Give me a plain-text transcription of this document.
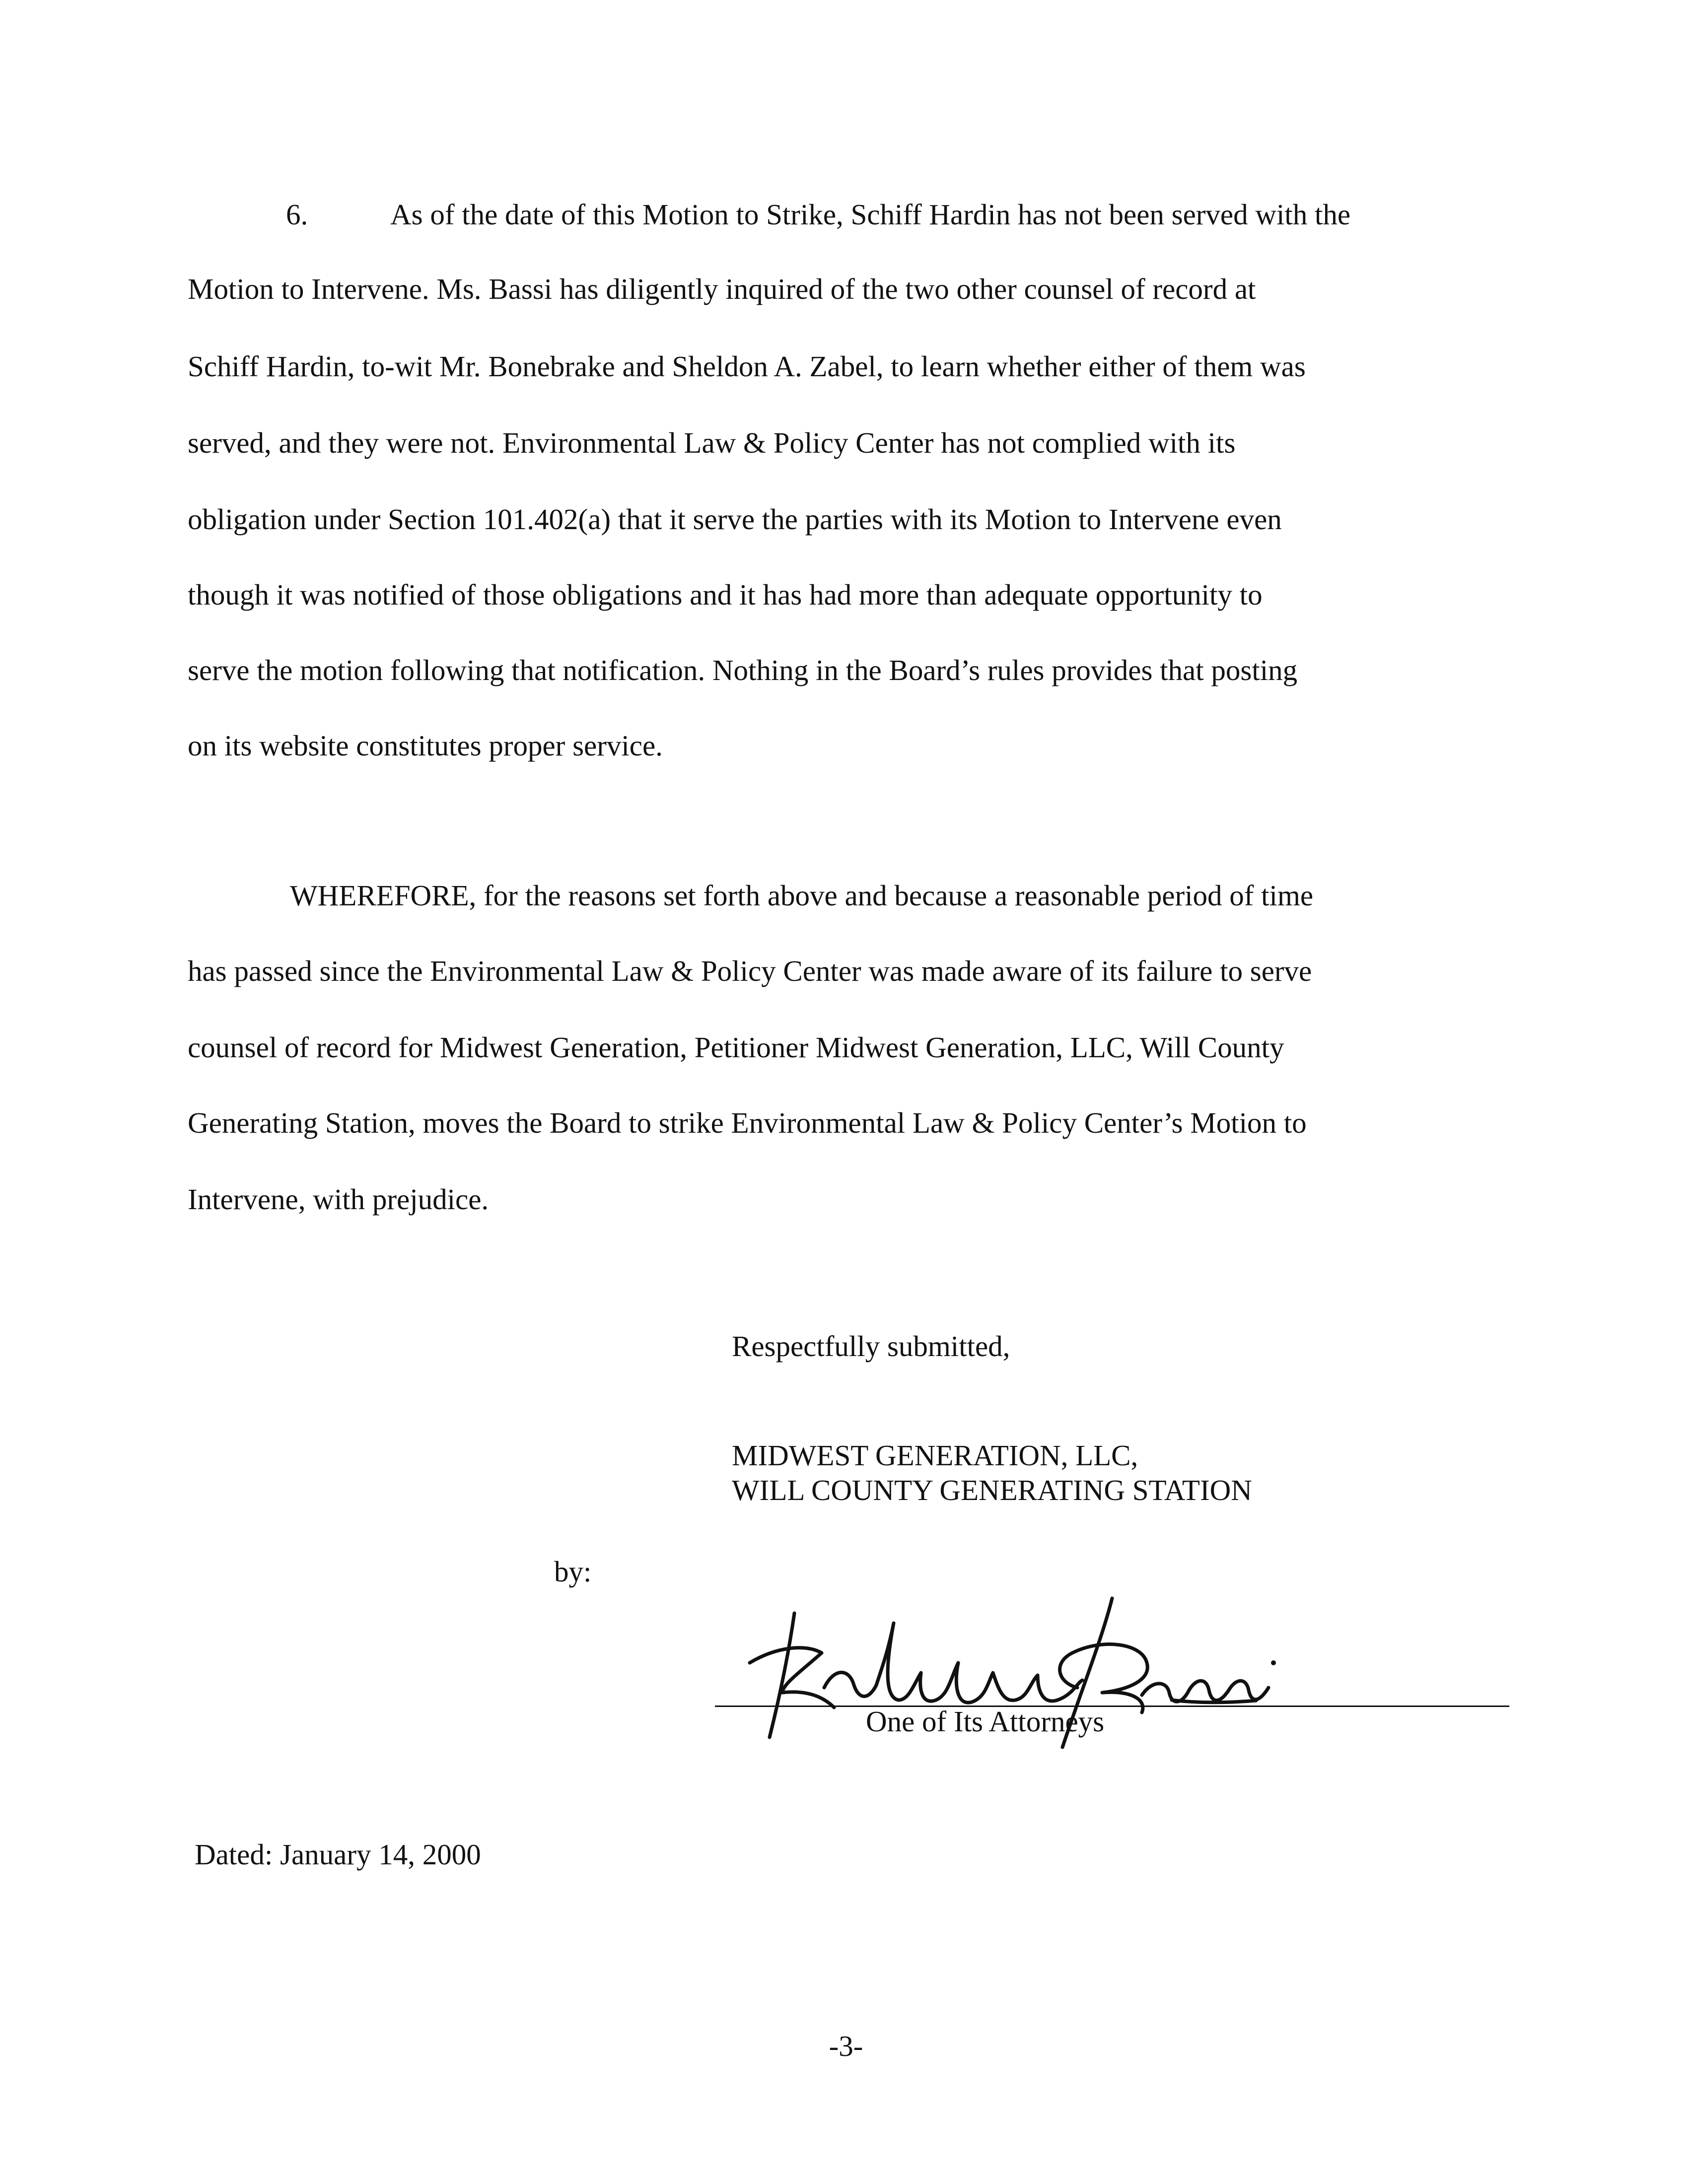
6.	As of the date of this Motion to Strike, Schiff Hardin has not been served with the
Motion to Intervene. Ms. Bassi has diligently inquired of the two other counsel of record at
Schiff Hardin, to-wit Mr. Bonebrake and Sheldon A. Zabel, to learn whether either of them was
served, and they were not. Environmental Law & Policy Center has not complied with its
obligation under Section 101.402(a) that it serve the parties with its Motion to Intervene even
though it was notified of those obligations and it has had more than adequate opportunity to
serve the motion following that notification. Nothing in the Board’s rules provides that posting
on its website constitutes proper service.
WHEREFORE, for the reasons set forth above and because a reasonable period of time
has passed since the Environmental Law & Policy Center was made aware of its failure to serve
counsel of record for Midwest Generation, Petitioner Midwest Generation, LLC, Will County
Generating Station, moves the Board to strike Environmental Law & Policy Center’s Motion to
Intervene, with prejudice.
Respectfully submitted,
MIDWEST GENERATION, LLC,
WILL COUNTY GENERATING STATION
by:
One of Its Attorneys
Dated: January 14, 2000
-3-
